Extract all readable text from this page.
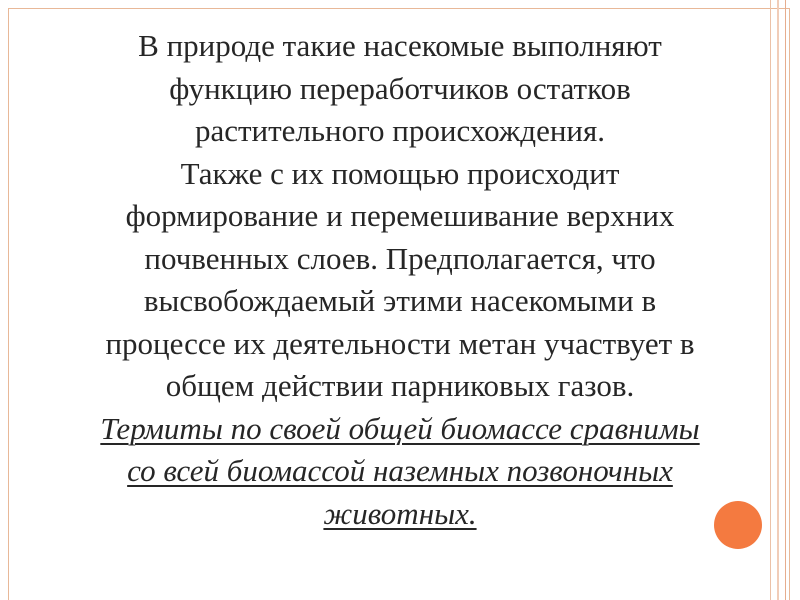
В природе такие насекомые выполняют

функцию переработчиков остатков

растительного происхождения.

Также с их помощью происходит

формирование и перемешивание верхних

почвенных слоев. Предполагается, что

высвобождаемый этими насекомыми в

процессе их деятельности метан участвует в

общем действии парниковых газов.

Термиты по своей общей биомассе сравнимы

со всей биомассой наземных позвоночных

животных.
